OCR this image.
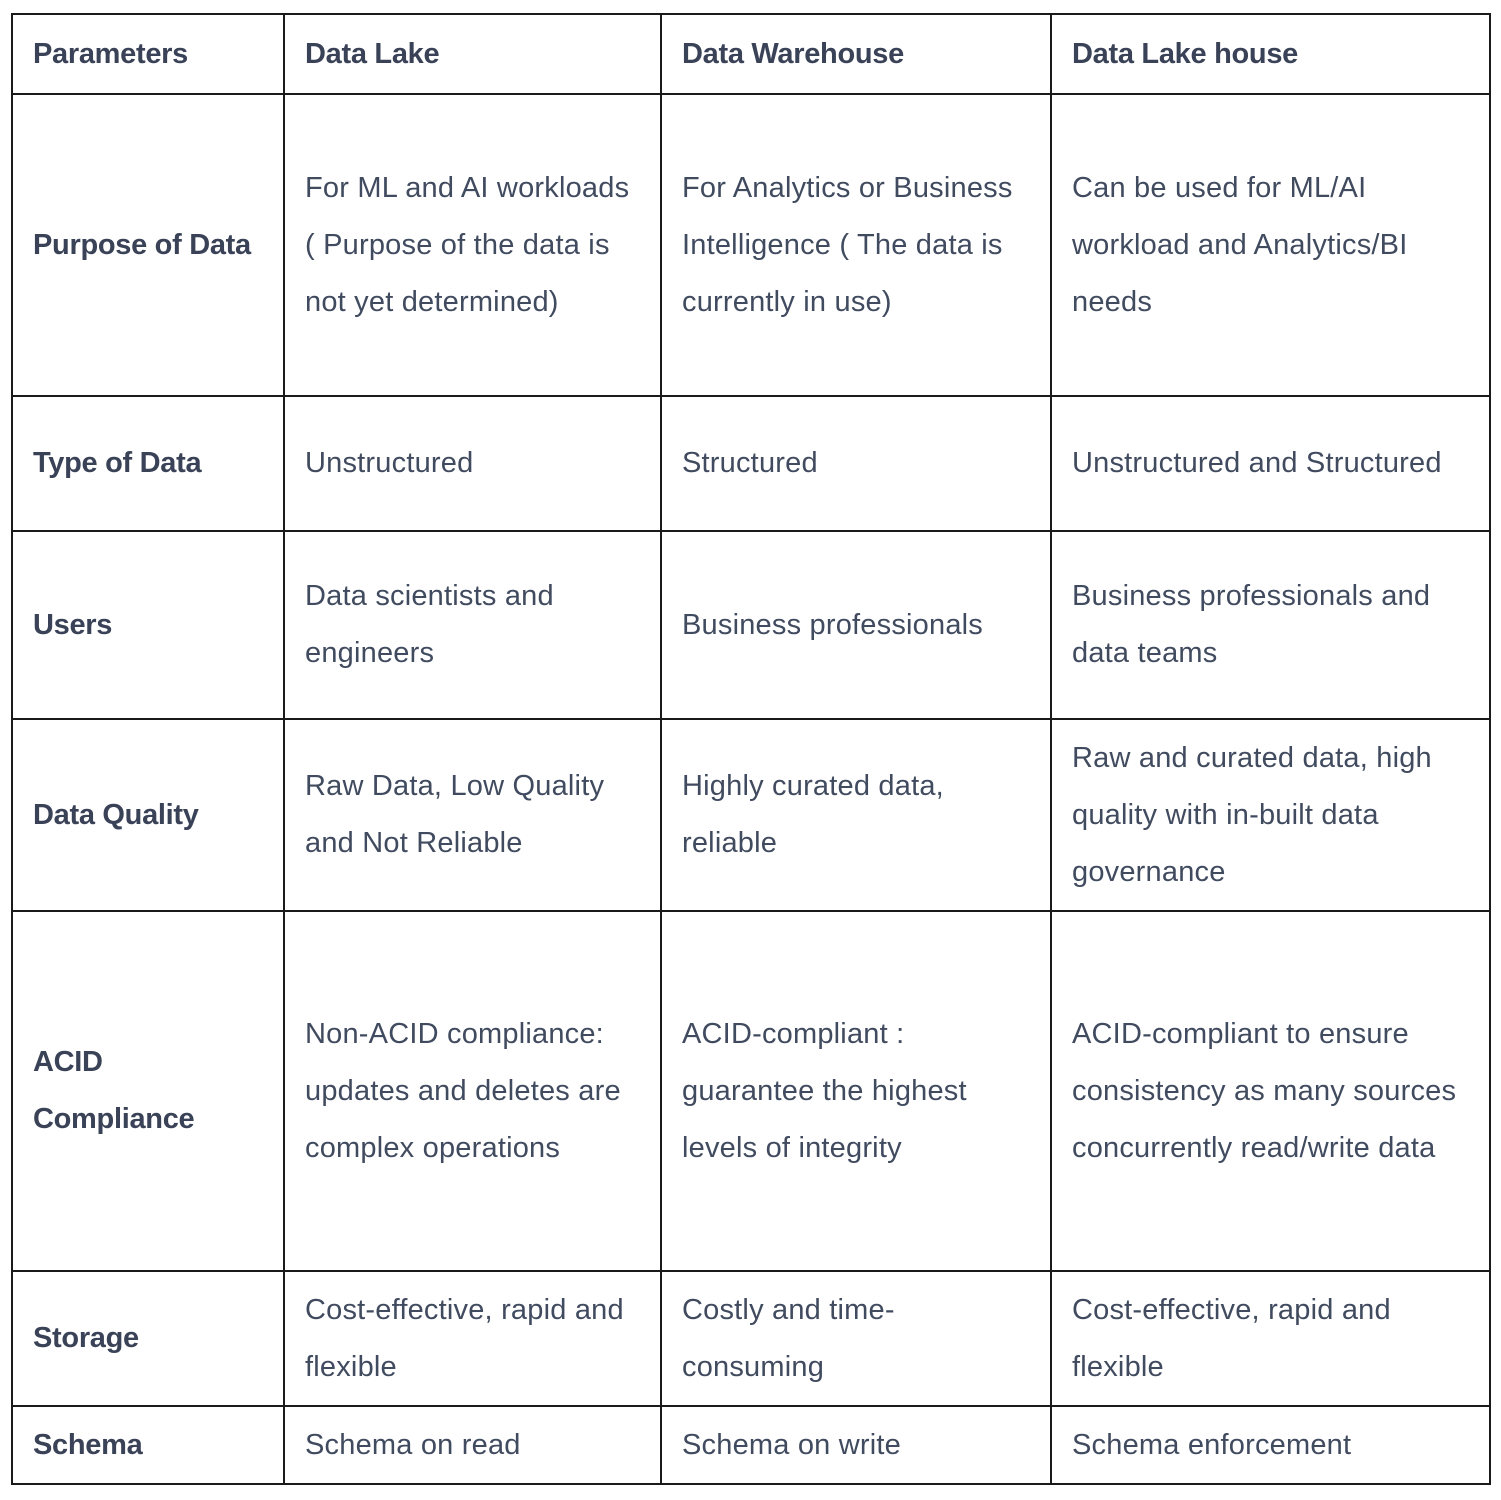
Parameters	Data Lake	Data Warehouse	Data Lake house
Purpose of Data	For ML and AI workloads ( Purpose of the data is not yet determined)	For Analytics or Business Intelligence ( The data is currently in use)	Can be used for ML/AI workload and Analytics/BI needs
Type of Data	Unstructured	Structured	Unstructured and Structured
Users	Data scientists and engineers	Business professionals	Business professionals and data teams
Data Quality	Raw Data, Low Quality and Not Reliable	Highly curated data, reliable	Raw and curated data, high quality with in-built data governance
ACID Compliance	Non-ACID compliance: updates and deletes are complex operations	ACID-compliant : guarantee the highest levels of integrity	ACID-compliant to ensure consistency as many sources concurrently read/write data
Storage	Cost-effective, rapid and flexible	Costly and time-consuming	Cost-effective, rapid and flexible
Schema	Schema on read	Schema on write	Schema enforcement
